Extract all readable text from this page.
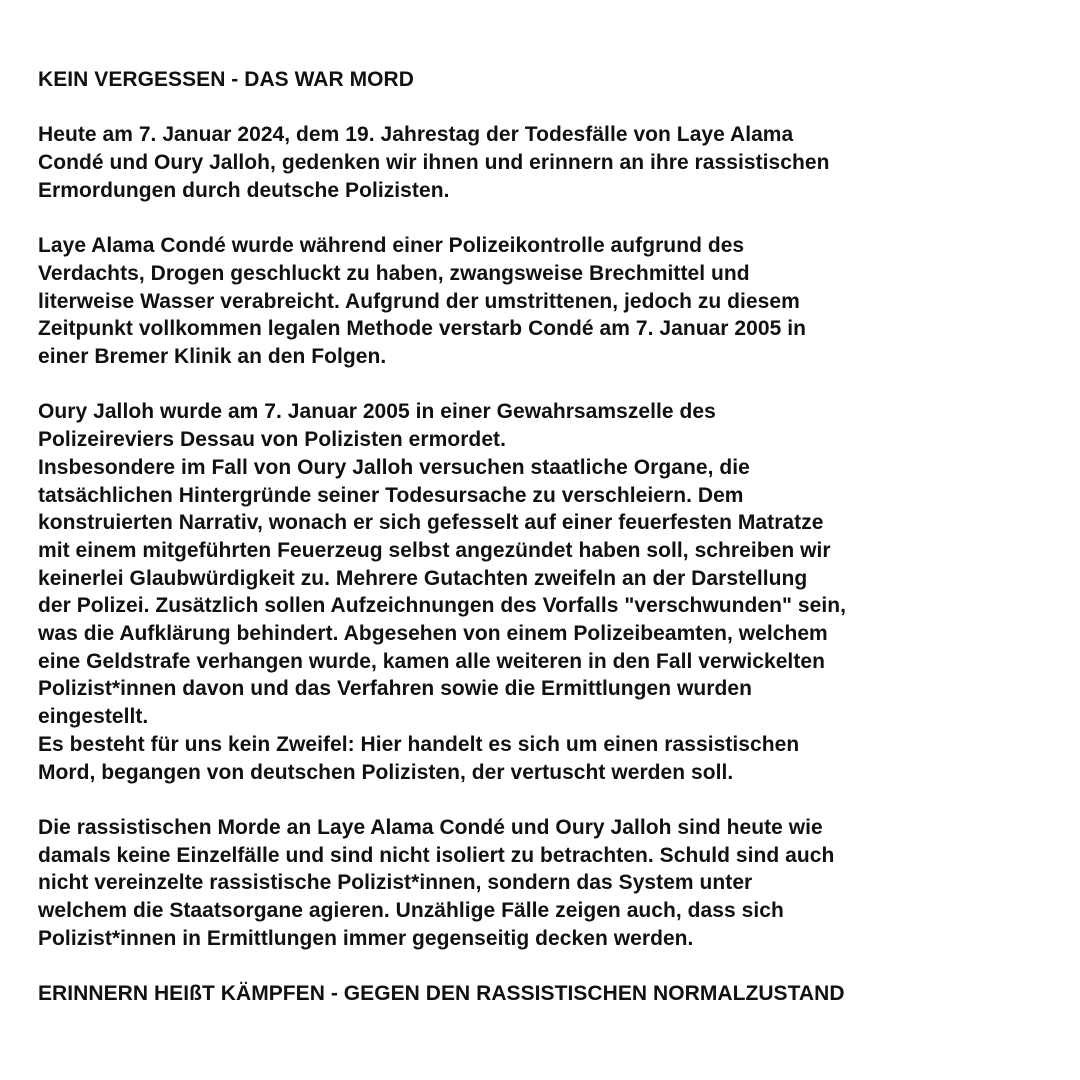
KEIN VERGESSEN - DAS WAR MORD

Heute am 7. Januar 2024, dem 19. Jahrestag der Todesfälle von Laye Alama

Condé und Oury Jalloh, gedenken wir ihnen und erinnern an ihre rassistischen

Ermordungen durch deutsche Polizisten.

Laye Alama Condé wurde während einer Polizeikontrolle aufgrund des

Verdachts, Drogen geschluckt zu haben, zwangsweise Brechmittel und

literweise Wasser verabreicht. Aufgrund der umstrittenen, jedoch zu diesem

Zeitpunkt vollkommen legalen Methode verstarb Condé am 7. Januar 2005 in

einer Bremer Klinik an den Folgen.

Oury Jalloh wurde am 7. Januar 2005 in einer Gewahrsamszelle des

Polizeireviers Dessau von Polizisten ermordet.

Insbesondere im Fall von Oury Jalloh versuchen staatliche Organe, die

tatsächlichen Hintergründe seiner Todesursache zu verschleiern. Dem

konstruierten Narrativ, wonach er sich gefesselt auf einer feuerfesten Matratze

mit einem mitgeführten Feuerzeug selbst angezündet haben soll, schreiben wir

keinerlei Glaubwürdigkeit zu. Mehrere Gutachten zweifeln an der Darstellung

der Polizei. Zusätzlich sollen Aufzeichnungen des Vorfalls "verschwunden" sein,

was die Aufklärung behindert. Abgesehen von einem Polizeibeamten, welchem

eine Geldstrafe verhangen wurde, kamen alle weiteren in den Fall verwickelten

Polizist*innen davon und das Verfahren sowie die Ermittlungen wurden

eingestellt.

Es besteht für uns kein Zweifel: Hier handelt es sich um einen rassistischen

Mord, begangen von deutschen Polizisten, der vertuscht werden soll.

Die rassistischen Morde an Laye Alama Condé und Oury Jalloh sind heute wie

damals keine Einzelfälle und sind nicht isoliert zu betrachten. Schuld sind auch

nicht vereinzelte rassistische Polizist*innen, sondern das System unter

welchem die Staatsorgane agieren. Unzählige Fälle zeigen auch, dass sich

Polizist*innen in Ermittlungen immer gegenseitig decken werden.

ERINNERN HEIßT KÄMPFEN - GEGEN DEN RASSISTISCHEN NORMALZUSTAND
